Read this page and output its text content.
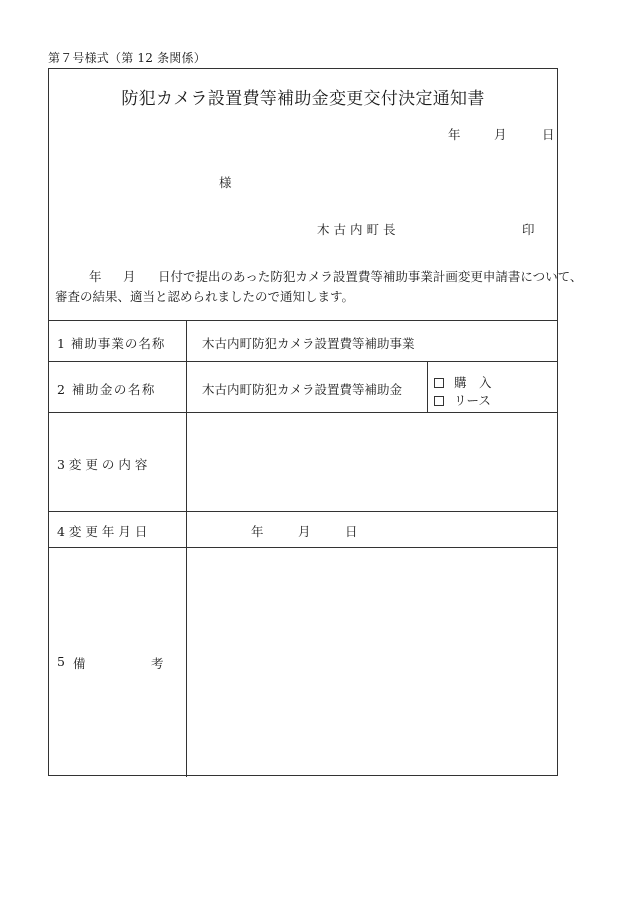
第７号様式（第 12 条関係）
防犯カメラ設置費等補助金変更交付決定通知書
年	月	日
様
木古内町長	印
年 月 日付で提出のあった防犯カメラ設置費等補助事業計画変更申請書について、
審査の結果、適当と認められましたので通知します。
1 補助事業の名称	木古内町防犯カメラ設置費等補助事業
2 補助金の名称	木古内町防犯カメラ設置費等補助金	購　入
リース
3 変 更 の 内 容
4 変 更 年 月 日	年	月	日
5 備	考
